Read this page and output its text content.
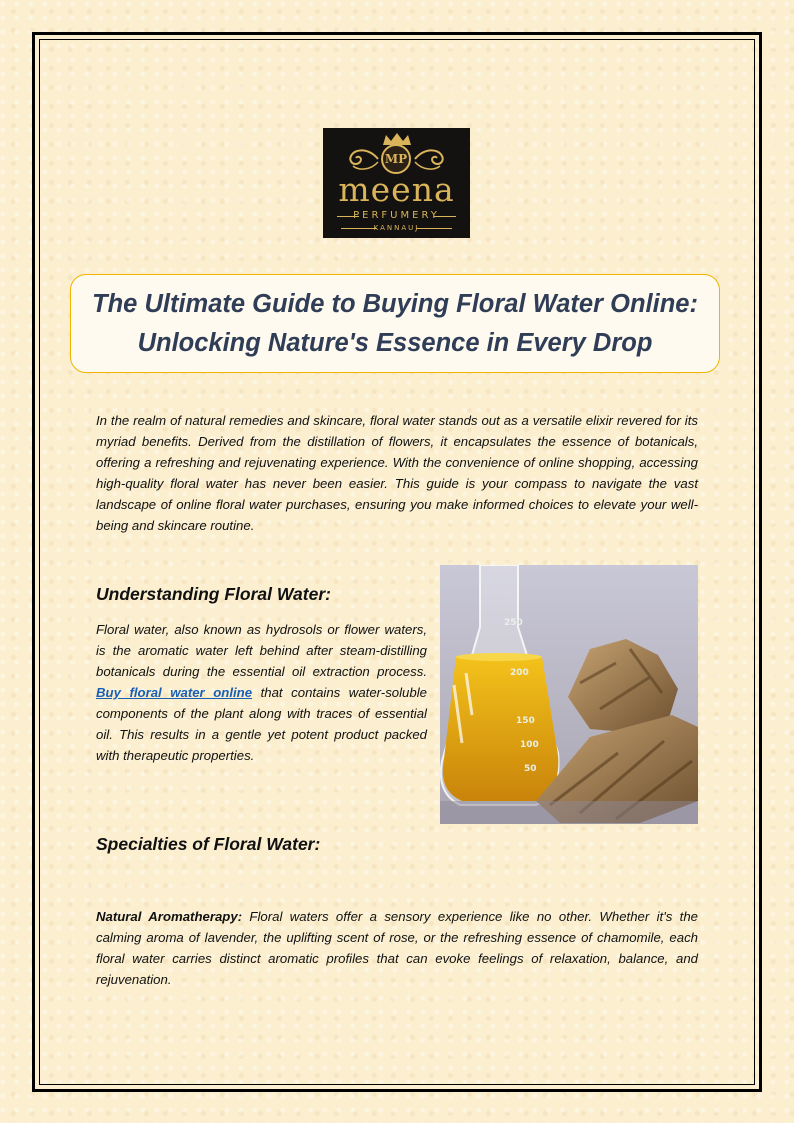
MP
meena
PERFUMERY
KANNAUJ
The Ultimate Guide to Buying Floral Water Online:
Unlocking Nature's Essence in Every Drop

In the realm of natural remedies and skincare, floral water stands out as a versatile elixir revered for its myriad benefits. Derived from the distillation of flowers, it encapsulates the essence of botanicals, offering a refreshing and rejuvenating experience. With the convenience of online shopping, accessing high-quality floral water has never been easier. This guide is your compass to navigate the vast landscape of online floral water purchases, ensuring you make informed choices to elevate your well-being and skincare routine.

Understanding Floral Water:

Floral water, also known as hydrosols or flower waters, is the aromatic water left behind after steam-distilling botanicals during the essential oil extraction process. Buy floral water online that contains water-soluble components of the plant along with traces of essential oil. This results in a gentle yet potent product packed with therapeutic properties.

250
200
150
100
50
Specialties of Floral Water:

Natural Aromatherapy: Floral waters offer a sensory experience like no other. Whether it's the calming aroma of lavender, the uplifting scent of rose, or the refreshing essence of chamomile, each floral water carries distinct aromatic profiles that can evoke feelings of relaxation, balance, and rejuvenation.
